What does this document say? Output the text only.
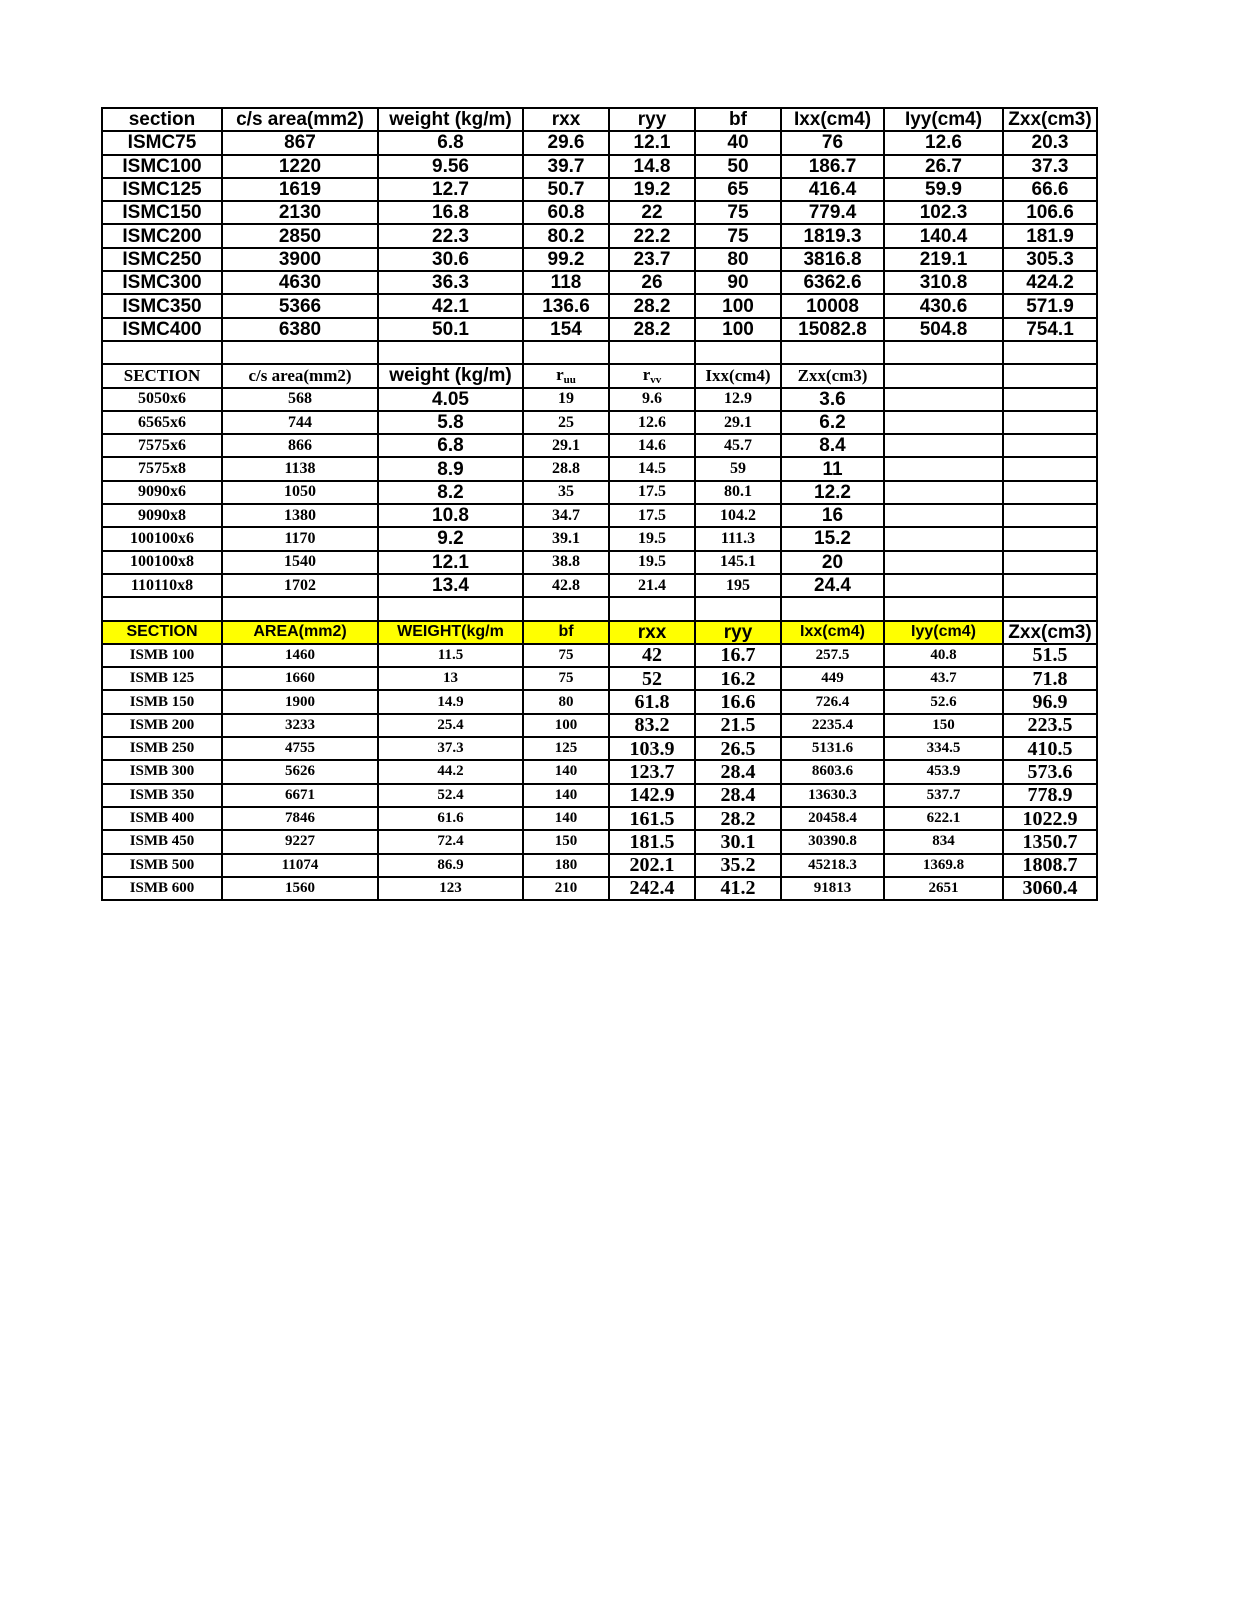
section	c/s area(mm2)	weight (kg/m)	rxx	ryy	bf	Ixx(cm4)	Iyy(cm4)	Zxx(cm3)
ISMC75	867	6.8	29.6	12.1	40	76	12.6	20.3
ISMC100	1220	9.56	39.7	14.8	50	186.7	26.7	37.3
ISMC125	1619	12.7	50.7	19.2	65	416.4	59.9	66.6
ISMC150	2130	16.8	60.8	22	75	779.4	102.3	106.6
ISMC200	2850	22.3	80.2	22.2	75	1819.3	140.4	181.9
ISMC250	3900	30.6	99.2	23.7	80	3816.8	219.1	305.3
ISMC300	4630	36.3	118	26	90	6362.6	310.8	424.2
ISMC350	5366	42.1	136.6	28.2	100	10008	430.6	571.9
ISMC400	6380	50.1	154	28.2	100	15082.8	504.8	754.1

SECTION	c/s area(mm2)	weight (kg/m)	$r_{uu}$	$r_{vv}$	Ixx(cm4)	Zxx(cm3)		
5050x6	568	4.05	19	9.6	12.9	3.6		
6565x6	744	5.8	25	12.6	29.1	6.2		
7575x6	866	6.8	29.1	14.6	45.7	8.4		
7575x8	1138	8.9	28.8	14.5	59	11		
9090x6	1050	8.2	35	17.5	80.1	12.2		
9090x8	1380	10.8	34.7	17.5	104.2	16		
100100x6	1170	9.2	39.1	19.5	111.3	15.2		
100100x8	1540	12.1	38.8	19.5	145.1	20		
110110x8	1702	13.4	42.8	21.4	195	24.4		

SECTION	AREA(mm2)	WEIGHT(kg/m	bf	rxx	ryy	Ixx(cm4)	Iyy(cm4)	Zxx(cm3)
ISMB 100	1460	11.5	75	42	16.7	257.5	40.8	51.5
ISMB 125	1660	13	75	52	16.2	449	43.7	71.8
ISMB 150	1900	14.9	80	61.8	16.6	726.4	52.6	96.9
ISMB 200	3233	25.4	100	83.2	21.5	2235.4	150	223.5
ISMB 250	4755	37.3	125	103.9	26.5	5131.6	334.5	410.5
ISMB 300	5626	44.2	140	123.7	28.4	8603.6	453.9	573.6
ISMB 350	6671	52.4	140	142.9	28.4	13630.3	537.7	778.9
ISMB 400	7846	61.6	140	161.5	28.2	20458.4	622.1	1022.9
ISMB 450	9227	72.4	150	181.5	30.1	30390.8	834	1350.7
ISMB 500	11074	86.9	180	202.1	35.2	45218.3	1369.8	1808.7
ISMB 600	1560	123	210	242.4	41.2	91813	2651	3060.4
